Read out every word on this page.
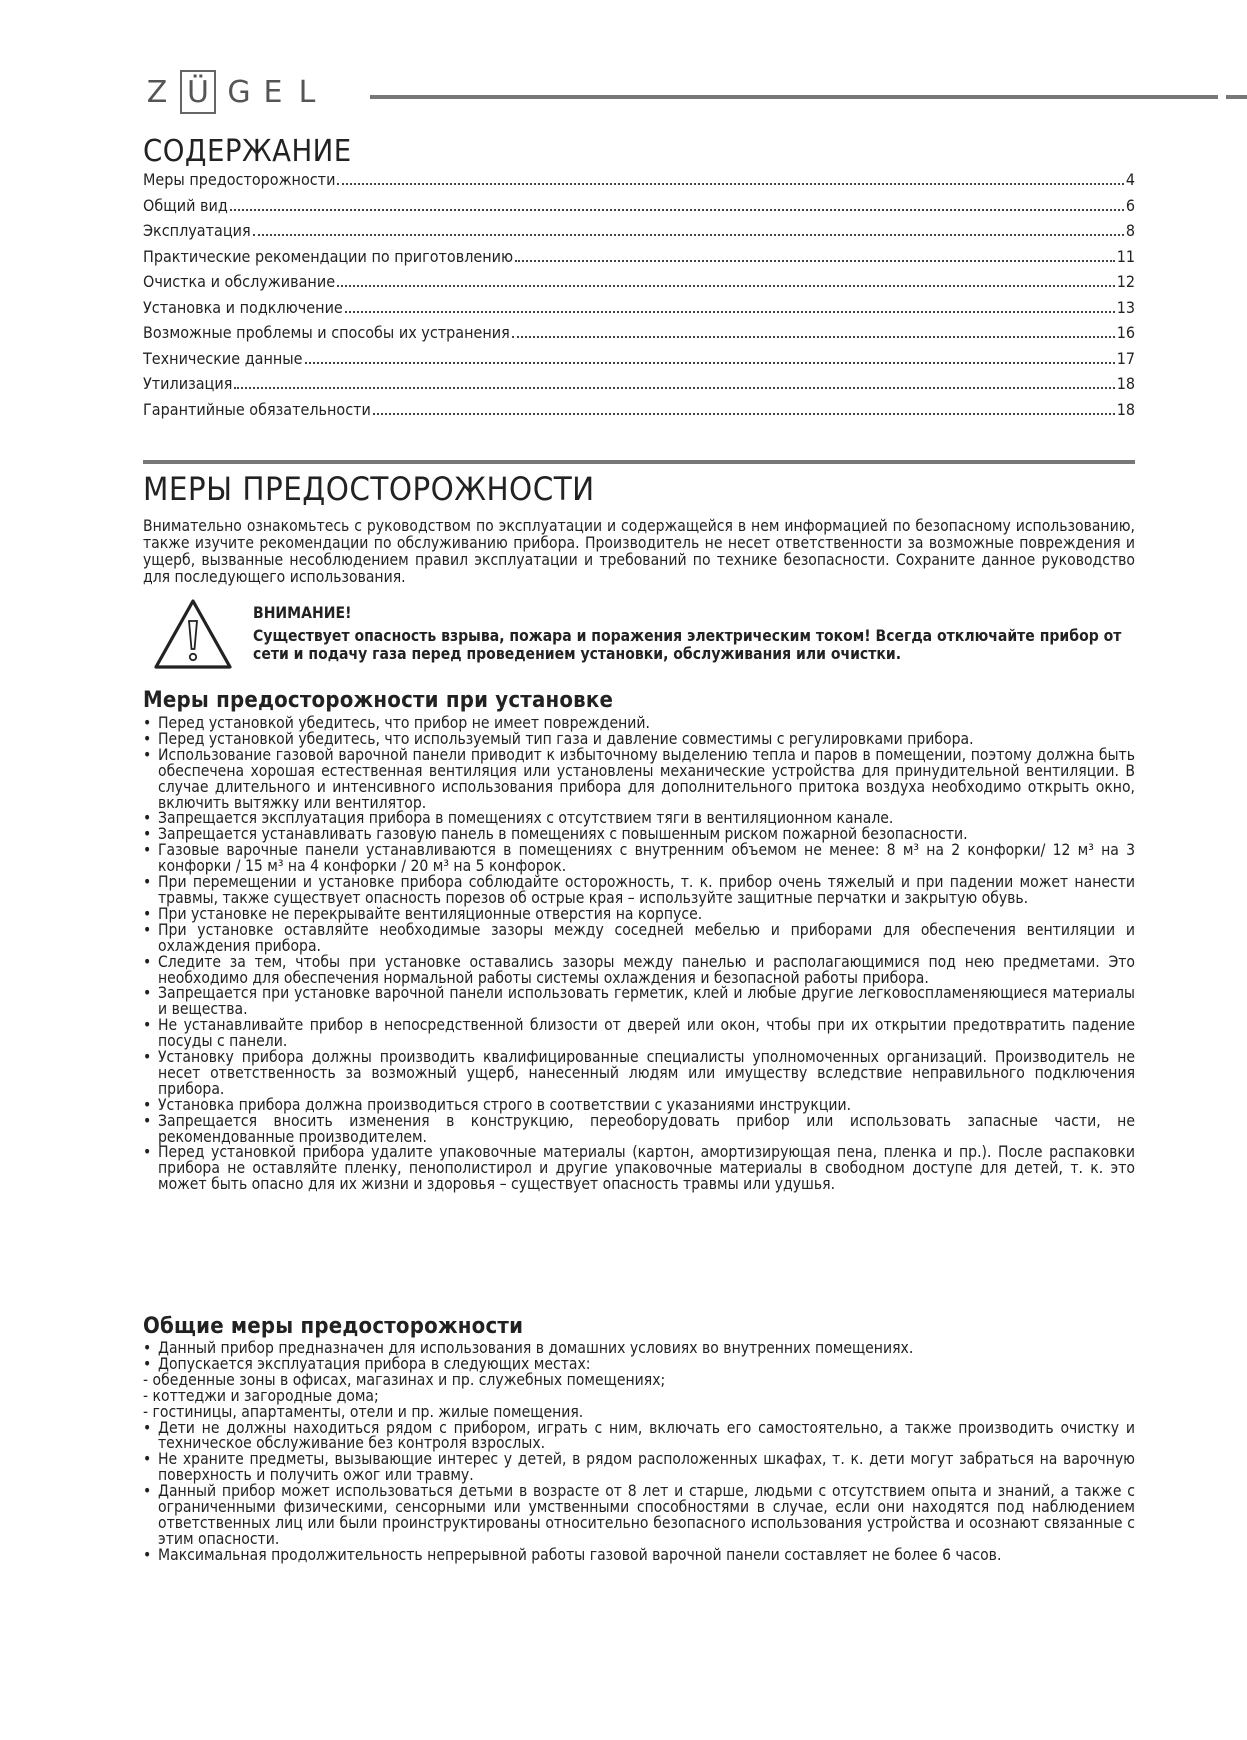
Z Ü G E L
СОДЕРЖАНИЕ
Меры предосторожности	4
Общий вид	6
Эксплуатация	8
Практические рекомендации по приготовлению	11
Очистка и обслуживание	12
Установка и подключение	13
Возможные проблемы и способы их устранения	16
Технические данные	17
Утилизация	18
Гарантийные обязательности	18
МЕРЫ ПРЕДОСТОРОЖНОСТИ
Внимательно ознакомьтесь с руководством по эксплуатации и содержащейся в нем информацией по безопасному использованию, также изучите рекомендации по обслуживанию прибора. Производитель не несет ответственности за возможные повреждения и ущерб, вызванные несоблюдением правил эксплуатации и требований по технике безопасности. Сохраните данное руководство для последующего использования.
ВНИМАНИЕ!
Существует опасность взрыва, пожара и поражения электрическим током! Всегда отключайте прибор от сети и подачу газа перед проведением установки, обслуживания или очистки.
Меры предосторожности при установке
• Перед установкой убедитесь, что прибор не имеет повреждений.
• Перед установкой убедитесь, что используемый тип газа и давление совместимы с регулировками прибора.
• Использование газовой варочной панели приводит к избыточному выделению тепла и паров в помещении, поэтому должна быть обеспечена хорошая естественная вентиляция или установлены механические устройства для принудительной вентиляции. В случае длительного и интенсивного использования прибора для дополнительного притока воздуха необходимо открыть окно, включить вытяжку или вентилятор.
• Запрещается эксплуатация прибора в помещениях с отсутствием тяги в вентиляционном канале.
• Запрещается устанавливать газовую панель в помещениях с повышенным риском пожарной безопасности.
• Газовые варочные панели устанавливаются в помещениях с внутренним объемом не менее: 8 м³ на 2 конфорки/ 12 м³ на 3 конфорки / 15 м³ на 4 конфорки / 20 м³ на 5 конфорок.
• При перемещении и установке прибора соблюдайте осторожность, т. к. прибор очень тяжелый и при падении может нанести травмы, также существует опасность порезов об острые края – используйте защитные перчатки и закрытую обувь.
• При установке не перекрывайте вентиляционные отверстия на корпусе.
• При установке оставляйте необходимые зазоры между соседней мебелью и приборами для обеспечения вентиляции и охлаждения прибора.
• Следите за тем, чтобы при установке оставались зазоры между панелью и располагающимися под нею предметами. Это необходимо для обеспечения нормальной работы системы охлаждения и безопасной работы прибора.
• Запрещается при установке варочной панели использовать герметик, клей и любые другие легковоспламеняющиеся материалы и вещества.
• Не устанавливайте прибор в непосредственной близости от дверей или окон, чтобы при их открытии предотвратить падение посуды с панели.
• Установку прибора должны производить квалифицированные специалисты уполномоченных организаций. Производитель не несет ответственность за возможный ущерб, нанесенный людям или имуществу вследствие неправильного подключения прибора.
• Установка прибора должна производиться строго в соответствии с указаниями инструкции.
• Запрещается вносить изменения в конструкцию, переоборудовать прибор или использовать запасные части, не рекомендованные производителем.
• Перед установкой прибора удалите упаковочные материалы (картон, амортизирующая пена, пленка и пр.). После распаковки прибора не оставляйте пленку, пенополистирол и другие упаковочные материалы в свободном доступе для детей, т. к. это может быть опасно для их жизни и здоровья – существует опасность травмы или удушья.
Общие меры предосторожности
• Данный прибор предназначен для использования в домашних условиях во внутренних помещениях.
• Допускается эксплуатация прибора в следующих местах:
- обеденные зоны в офисах, магазинах и пр. служебных помещениях;
- коттеджи и загородные дома;
- гостиницы, апартаменты, отели и пр. жилые помещения.
• Дети не должны находиться рядом с прибором, играть с ним, включать его самостоятельно, а также производить очистку и техническое обслуживание без контроля взрослых.
• Не храните предметы, вызывающие интерес у детей, в рядом расположенных шкафах, т. к. дети могут забраться на варочную поверхность и получить ожог или травму.
• Данный прибор может использоваться детьми в возрасте от 8 лет и старше, людьми с отсутствием опыта и знаний, а также с ограниченными физическими, сенсорными или умственными способностями в случае, если они находятся под наблюдением ответственных лиц или были проинструктированы относительно безопасного использования устройства и осознают связанные с этим опасности.
• Максимальная продолжительность непрерывной работы газовой варочной панели составляет не более 6 часов.
